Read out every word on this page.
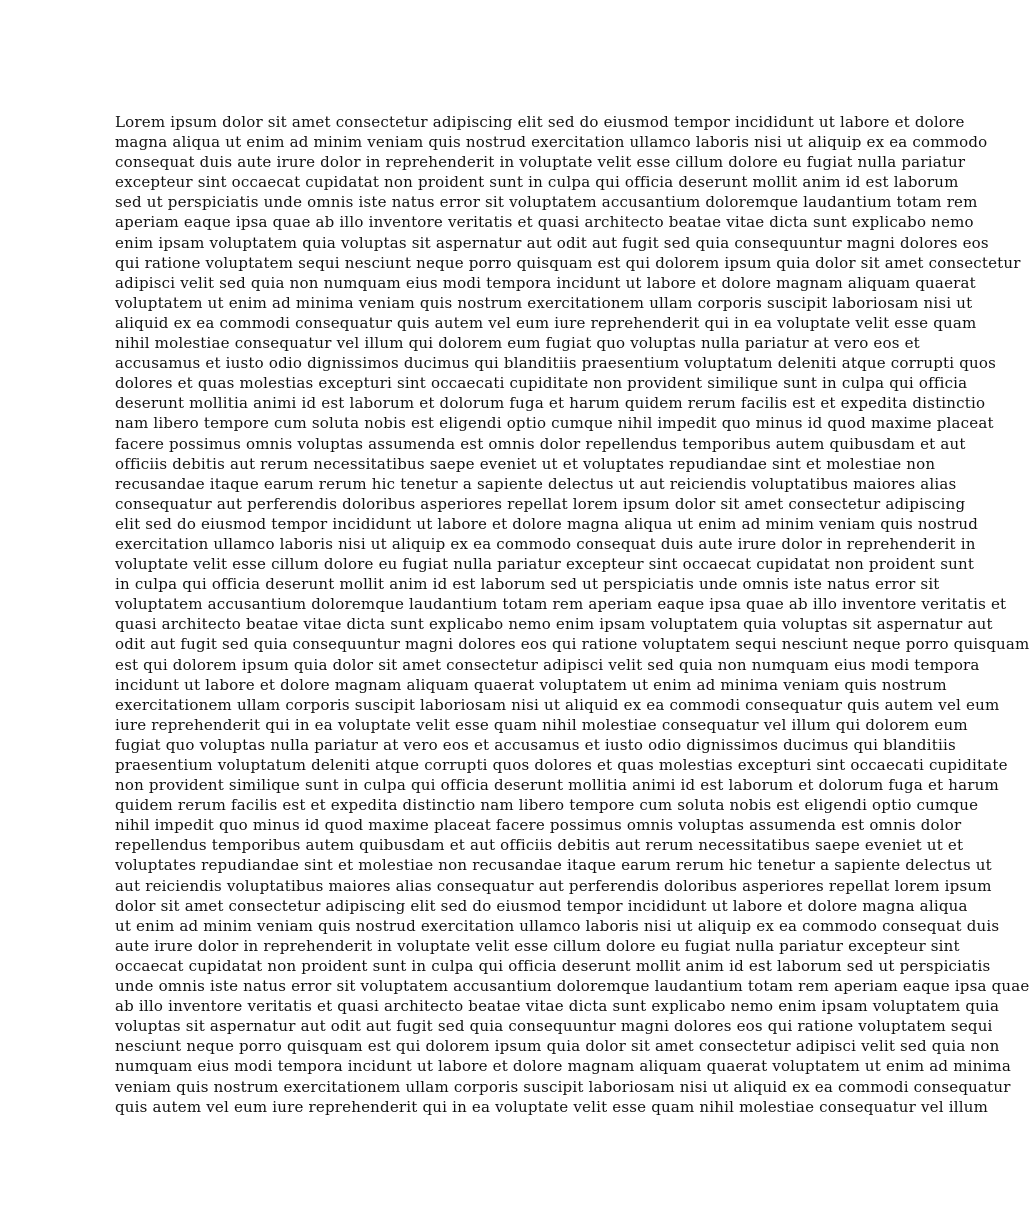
Lorem ipsum dolor sit amet consectetur adipiscing elit sed do eiusmod tempor incididunt ut labore et dolore
magna aliqua ut enim ad minim veniam quis nostrud exercitation ullamco laboris nisi ut aliquip ex ea commodo
consequat duis aute irure dolor in reprehenderit in voluptate velit esse cillum dolore eu fugiat nulla pariatur
excepteur sint occaecat cupidatat non proident sunt in culpa qui officia deserunt mollit anim id est laborum
sed ut perspiciatis unde omnis iste natus error sit voluptatem accusantium doloremque laudantium totam rem
aperiam eaque ipsa quae ab illo inventore veritatis et quasi architecto beatae vitae dicta sunt explicabo nemo
enim ipsam voluptatem quia voluptas sit aspernatur aut odit aut fugit sed quia consequuntur magni dolores eos
qui ratione voluptatem sequi nesciunt neque porro quisquam est qui dolorem ipsum quia dolor sit amet consectetur
adipisci velit sed quia non numquam eius modi tempora incidunt ut labore et dolore magnam aliquam quaerat
voluptatem ut enim ad minima veniam quis nostrum exercitationem ullam corporis suscipit laboriosam nisi ut
aliquid ex ea commodi consequatur quis autem vel eum iure reprehenderit qui in ea voluptate velit esse quam
nihil molestiae consequatur vel illum qui dolorem eum fugiat quo voluptas nulla pariatur at vero eos et
accusamus et iusto odio dignissimos ducimus qui blanditiis praesentium voluptatum deleniti atque corrupti quos
dolores et quas molestias excepturi sint occaecati cupiditate non provident similique sunt in culpa qui officia
deserunt mollitia animi id est laborum et dolorum fuga et harum quidem rerum facilis est et expedita distinctio
nam libero tempore cum soluta nobis est eligendi optio cumque nihil impedit quo minus id quod maxime placeat
facere possimus omnis voluptas assumenda est omnis dolor repellendus temporibus autem quibusdam et aut
officiis debitis aut rerum necessitatibus saepe eveniet ut et voluptates repudiandae sint et molestiae non
recusandae itaque earum rerum hic tenetur a sapiente delectus ut aut reiciendis voluptatibus maiores alias
consequatur aut perferendis doloribus asperiores repellat lorem ipsum dolor sit amet consectetur adipiscing
elit sed do eiusmod tempor incididunt ut labore et dolore magna aliqua ut enim ad minim veniam quis nostrud
exercitation ullamco laboris nisi ut aliquip ex ea commodo consequat duis aute irure dolor in reprehenderit in
voluptate velit esse cillum dolore eu fugiat nulla pariatur excepteur sint occaecat cupidatat non proident sunt
in culpa qui officia deserunt mollit anim id est laborum sed ut perspiciatis unde omnis iste natus error sit
voluptatem accusantium doloremque laudantium totam rem aperiam eaque ipsa quae ab illo inventore veritatis et
quasi architecto beatae vitae dicta sunt explicabo nemo enim ipsam voluptatem quia voluptas sit aspernatur aut
odit aut fugit sed quia consequuntur magni dolores eos qui ratione voluptatem sequi nesciunt neque porro quisquam
est qui dolorem ipsum quia dolor sit amet consectetur adipisci velit sed quia non numquam eius modi tempora
incidunt ut labore et dolore magnam aliquam quaerat voluptatem ut enim ad minima veniam quis nostrum
exercitationem ullam corporis suscipit laboriosam nisi ut aliquid ex ea commodi consequatur quis autem vel eum
iure reprehenderit qui in ea voluptate velit esse quam nihil molestiae consequatur vel illum qui dolorem eum
fugiat quo voluptas nulla pariatur at vero eos et accusamus et iusto odio dignissimos ducimus qui blanditiis
praesentium voluptatum deleniti atque corrupti quos dolores et quas molestias excepturi sint occaecati cupiditate
non provident similique sunt in culpa qui officia deserunt mollitia animi id est laborum et dolorum fuga et harum
quidem rerum facilis est et expedita distinctio nam libero tempore cum soluta nobis est eligendi optio cumque
nihil impedit quo minus id quod maxime placeat facere possimus omnis voluptas assumenda est omnis dolor
repellendus temporibus autem quibusdam et aut officiis debitis aut rerum necessitatibus saepe eveniet ut et
voluptates repudiandae sint et molestiae non recusandae itaque earum rerum hic tenetur a sapiente delectus ut
aut reiciendis voluptatibus maiores alias consequatur aut perferendis doloribus asperiores repellat lorem ipsum
dolor sit amet consectetur adipiscing elit sed do eiusmod tempor incididunt ut labore et dolore magna aliqua
ut enim ad minim veniam quis nostrud exercitation ullamco laboris nisi ut aliquip ex ea commodo consequat duis
aute irure dolor in reprehenderit in voluptate velit esse cillum dolore eu fugiat nulla pariatur excepteur sint
occaecat cupidatat non proident sunt in culpa qui officia deserunt mollit anim id est laborum sed ut perspiciatis
unde omnis iste natus error sit voluptatem accusantium doloremque laudantium totam rem aperiam eaque ipsa quae
ab illo inventore veritatis et quasi architecto beatae vitae dicta sunt explicabo nemo enim ipsam voluptatem quia
voluptas sit aspernatur aut odit aut fugit sed quia consequuntur magni dolores eos qui ratione voluptatem sequi
nesciunt neque porro quisquam est qui dolorem ipsum quia dolor sit amet consectetur adipisci velit sed quia non
numquam eius modi tempora incidunt ut labore et dolore magnam aliquam quaerat voluptatem ut enim ad minima
veniam quis nostrum exercitationem ullam corporis suscipit laboriosam nisi ut aliquid ex ea commodi consequatur
quis autem vel eum iure reprehenderit qui in ea voluptate velit esse quam nihil molestiae consequatur vel illum
